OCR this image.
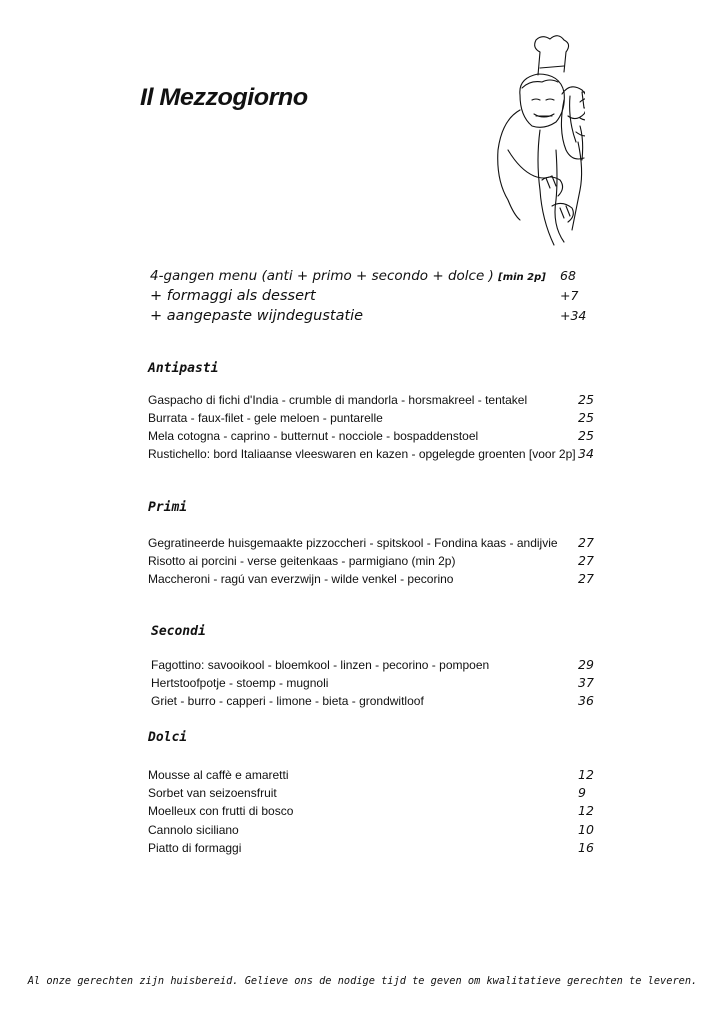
Il Mezzogiorno
4-gangen menu (anti + primo + secondo + dolce ) [min 2p] 68
+ formaggi als dessert	+7
+ aangepaste wijndegustatie	+34
Antipasti
Gaspacho di fichi d'India - crumble di mandorla - horsmakreel - tentakel	25
Burrata - faux-filet - gele meloen - puntarelle	25
Mela cotogna - caprino - butternut - nocciole - bospaddenstoel	25
Rustichello: bord Italiaanse vleeswaren en kazen - opgelegde groenten [voor 2p] 34
Primi
Gegratineerde huisgemaakte pizzoccheri - spitskool - Fondina kaas - andijvie 27
Risotto ai porcini - verse geitenkaas - parmigiano (min 2p)	27
Maccheroni - ragú van everzwijn - wilde venkel - pecorino	27
Secondi
Fagottino: savooikool - bloemkool - linzen - pecorino - pompoen	29
Hertstoofpotje - stoemp - mugnoli	37
Griet - burro - capperi - limone - bieta - grondwitloof	36
Dolci
Mousse al caffè e amaretti	12
Sorbet van seizoensfruit	9
Moelleux con frutti di bosco	12
Cannolo siciliano	10
Piatto di formaggi	16
Al onze gerechten zijn huisbereid. Gelieve ons de nodige tijd te geven om kwalitatieve gerechten te leveren.
